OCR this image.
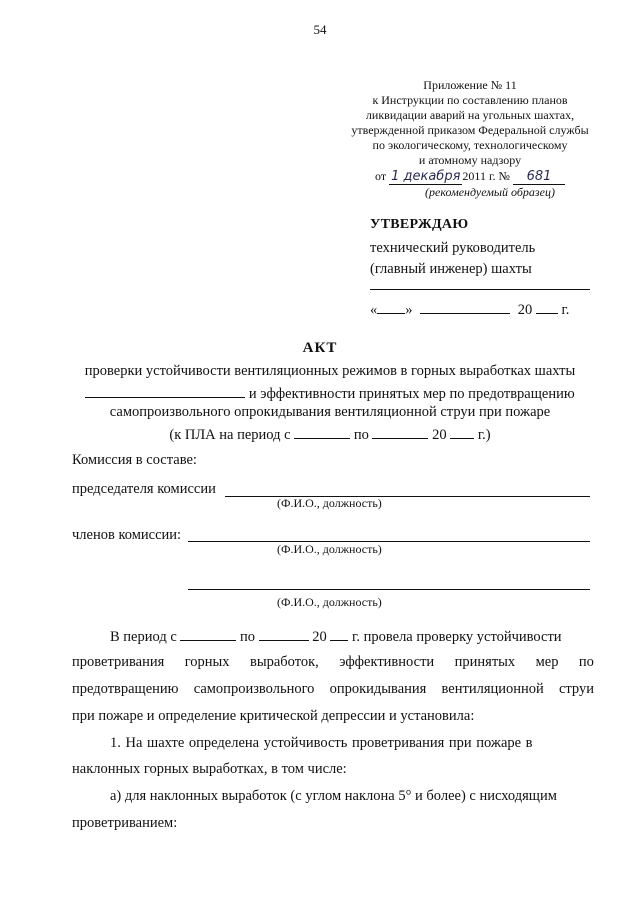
54
Приложение № 11
к Инструкции по составлению планов
ликвидации аварий на угольных шахтах,
утвержденной приказом Федеральной службы
по экологическому, технологическому
и атомному надзору
от 1 декабря 2011 г. № 681
(рекомендуемый образец)
УТВЕРЖДАЮ
технический руководитель
(главный инженер) шахты
« »	20 г.
АКТ
проверки устойчивости вентиляционных режимов в горных выработках шахты
и эффективности принятых мер по предотвращению
самопроизвольного опрокидывания вентиляционной струи при пожаре
(к ПЛА на период с	по	20 г.)
Комиссия в составе:
председателя комиссии
(Ф.И.О., должность)
членов комиссии:
(Ф.И.О., должность)
(Ф.И.О., должность)
В период с	по	20 г. провела проверку устойчивости
проветривания горных выработок, эффективности принятых мер по
предотвращению самопроизвольного опрокидывания вентиляционной струи
при пожаре и определение критической депрессии и установила:
1. На шахте определена устойчивость проветривания при пожаре в
наклонных горных выработках, в том числе:
а) для наклонных выработок (с углом наклона 5° и более) с нисходящим
проветриванием:
